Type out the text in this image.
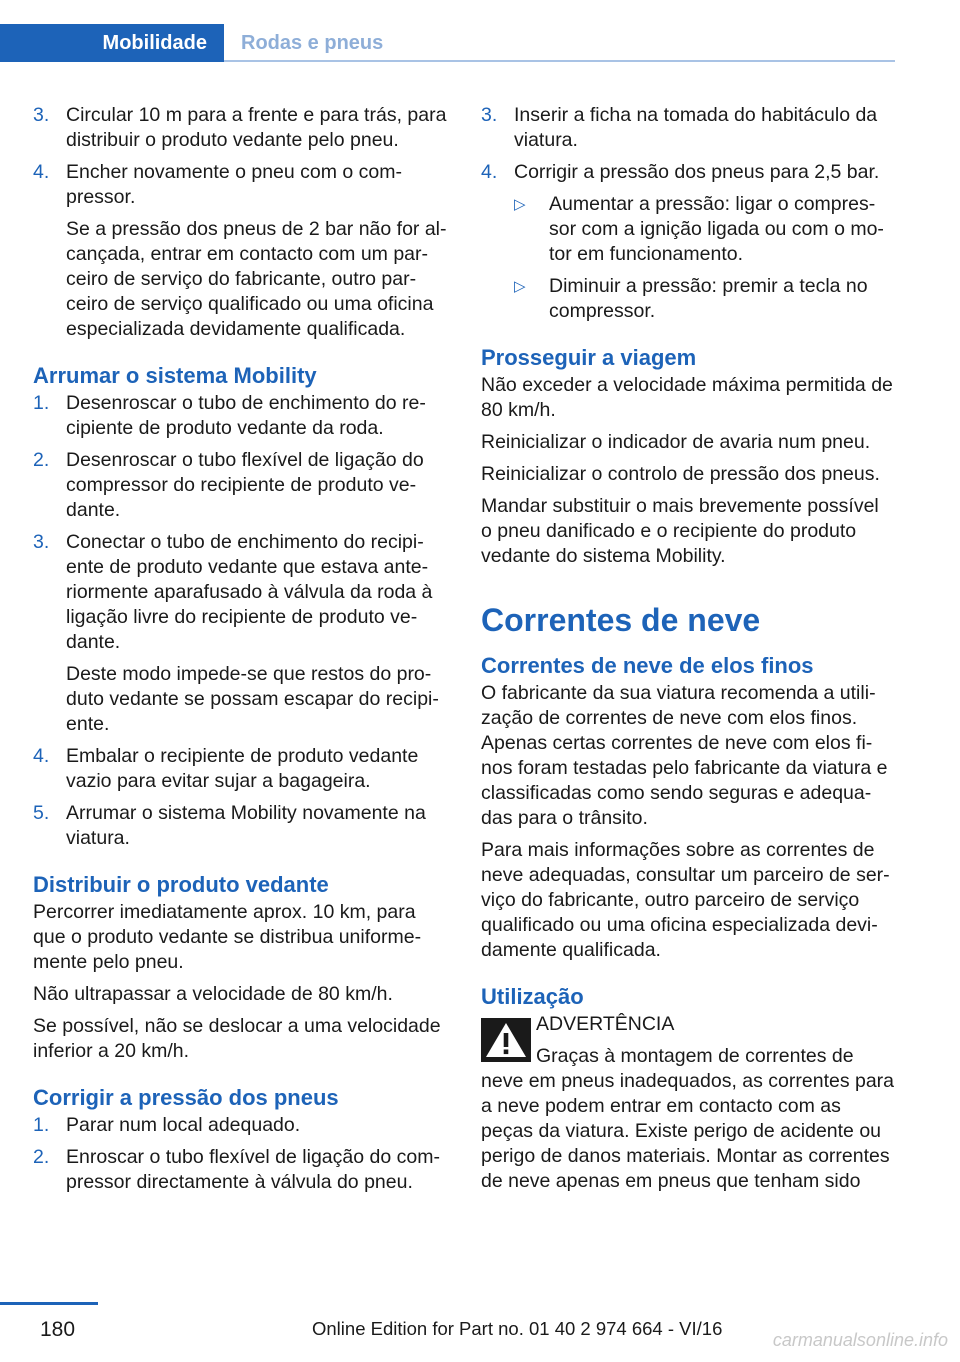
Mobilidade	Rodas e pneus
3. Circular 10 m para a frente e para trás, para distribuir o produto vedante pelo pneu.
4. Encher novamente o pneu com o compressor.
Se a pressão dos pneus de 2 bar não for alcançada, entrar em contacto com um parceiro de serviço do fabricante, outro parceiro de serviço qualificado ou uma oficina especializada devidamente qualificada.
Arrumar o sistema Mobility
1. Desenroscar o tubo de enchimento do recipiente de produto vedante da roda.
2. Desenroscar o tubo flexível de ligação do compressor do recipiente de produto vedante.
3. Conectar o tubo de enchimento do recipiente de produto vedante que estava anteriormente aparafusado à válvula da roda à ligação livre do recipiente de produto vedante.
Deste modo impede-se que restos do produto vedante se possam escapar do recipiente.
4. Embalar o recipiente de produto vedante vazio para evitar sujar a bagageira.
5. Arrumar o sistema Mobility novamente na viatura.
Distribuir o produto vedante
Percorrer imediatamente aprox. 10 km, para que o produto vedante se distribua uniformemente pelo pneu.
Não ultrapassar a velocidade de 80 km/h.
Se possível, não se deslocar a uma velocidade inferior a 20 km/h.
Corrigir a pressão dos pneus
1. Parar num local adequado.
2. Enroscar o tubo flexível de ligação do compressor directamente à válvula do pneu.
3. Inserir a ficha na tomada do habitáculo da viatura.
4. Corrigir a pressão dos pneus para 2,5 bar.
▷	Aumentar a pressão: ligar o compressor com a ignição ligada ou com o motor em funcionamento.
▷	Diminuir a pressão: premir a tecla no compressor.
Prosseguir a viagem
Não exceder a velocidade máxima permitida de 80 km/h.
Reinicializar o indicador de avaria num pneu.
Reinicializar o controlo de pressão dos pneus.
Mandar substituir o mais brevemente possível o pneu danificado e o recipiente do produto vedante do sistema Mobility.
Correntes de neve
Correntes de neve de elos finos
O fabricante da sua viatura recomenda a utilização de correntes de neve com elos finos. Apenas certas correntes de neve com elos finos foram testadas pelo fabricante da viatura e classificadas como sendo seguras e adequadas para o trânsito.
Para mais informações sobre as correntes de neve adequadas, consultar um parceiro de serviço do fabricante, outro parceiro de serviço qualificado ou uma oficina especializada devidamente qualificada.
Utilização
ADVERTÊNCIA
Graças à montagem de correntes de
neve em pneus inadequados, as correntes para a neve podem entrar em contacto com as peças da viatura. Existe perigo de acidente ou perigo de danos materiais. Montar as correntes de neve apenas em pneus que tenham sido
180	Online Edition for Part no. 01 40 2 974 664 - VI/16
carmanualsonline.info
